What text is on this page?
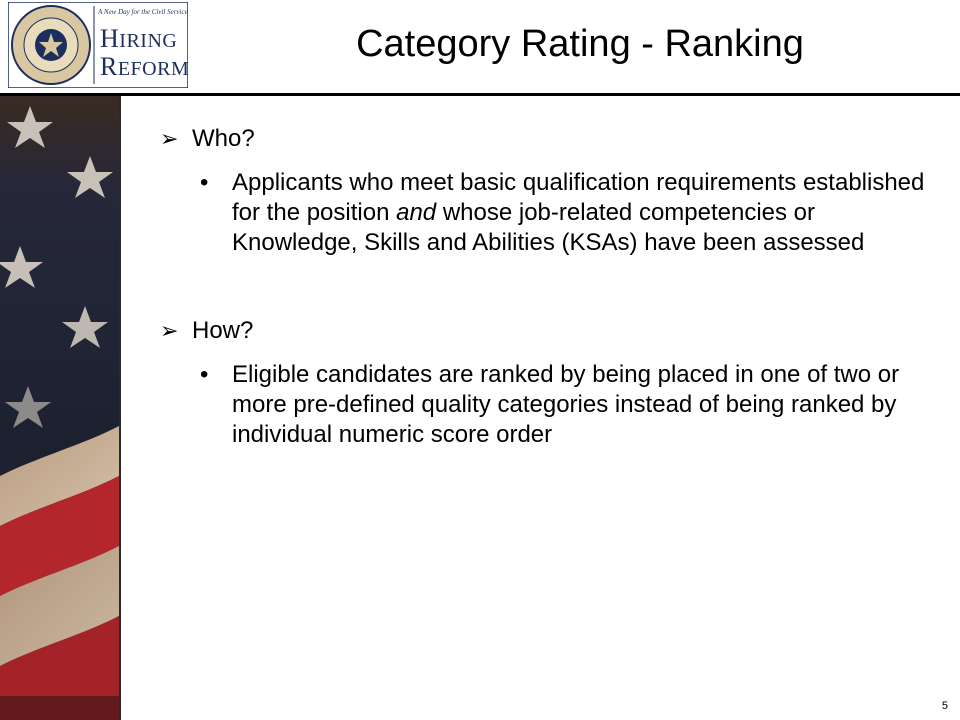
A New Day for the Civil Service
HIRING
REFORM
Category Rating - Ranking

➢ Who?

• Applicants who meet basic qualification requirements established for the position and whose job-related competencies or Knowledge, Skills and Abilities (KSAs) have been assessed

➢ How?

• Eligible candidates are ranked by being placed in one of two or more pre-defined quality categories instead of being ranked by individual numeric score order

5
